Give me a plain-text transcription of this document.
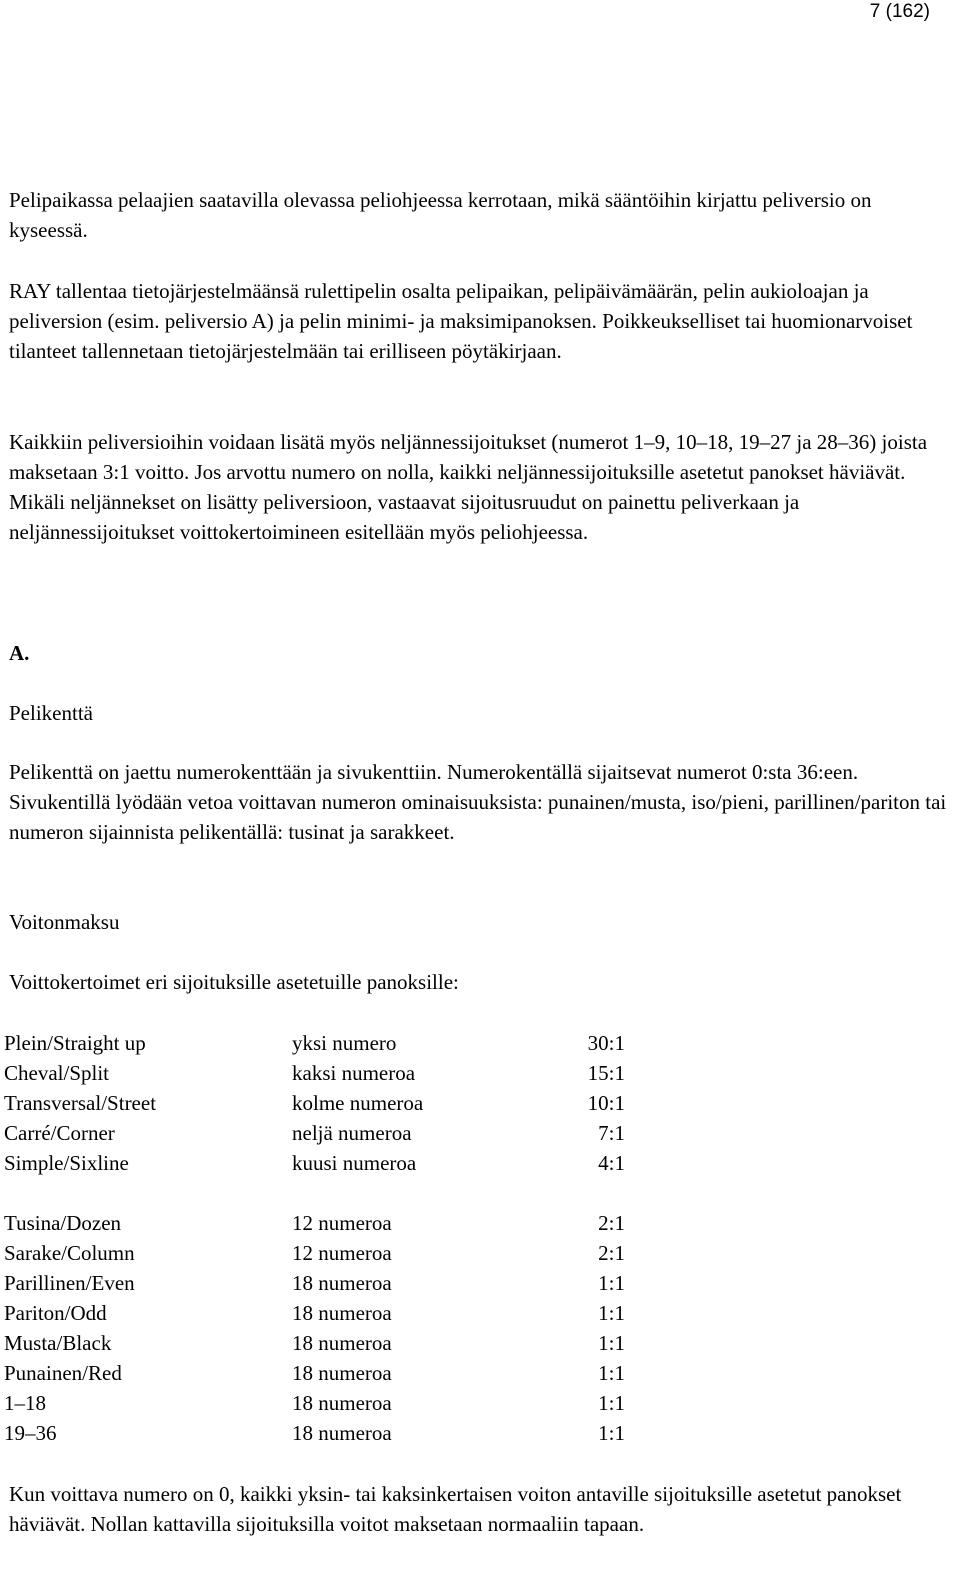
7 (162)

Pelipaikassa pelaajien saatavilla olevassa peliohjeessa kerrotaan, mikä sääntöihin kirjattu peliversio on kyseessä.

RAY tallentaa tietojärjestelmäänsä rulettipelin osalta pelipaikan, pelipäivämäärän, pelin aukioloajan ja peliversion (esim. peliversio A) ja pelin minimi- ja maksimipanoksen. Poikkeukselliset tai huomionarvoiset tilanteet tallennetaan tietojärjestelmään tai erilliseen pöytäkirjaan.

Kaikkiin peliversioihin voidaan lisätä myös neljännessijoitukset (numerot 1–9, 10–18, 19–27 ja 28–36) joista maksetaan 3:1 voitto. Jos arvottu numero on nolla, kaikki neljännessijoituksille asetetut panokset häviävät. Mikäli neljännekset on lisätty peliversioon, vastaavat sijoitusruudut on painettu peliverkaan ja neljännessijoitukset voittokertoimineen esitellään myös peliohjeessa.

A.
Pelikenttä

Pelikenttä on jaettu numerokenttään ja sivukenttiin. Numerokentällä sijaitsevat numerot 0:sta 36:een. Sivukentillä lyödään vetoa voittavan numeron ominaisuuksista: punainen/musta, iso/pieni, parillinen/pariton tai numeron sijainnista pelikentällä: tusinat ja sarakkeet.

Voitonmaksu
Voittokertoimet eri sijoituksille asetetuille panoksille:
Plein/Straight up	yksi numero	30:1
Cheval/Split	kaksi numeroa	15:1
Transversal/Street	kolme numeroa	10:1
Carré/Corner	neljä numeroa	7:1
Simple/Sixline	kuusi numeroa	4:1
Tusina/Dozen	12 numeroa	2:1
Sarake/Column	12 numeroa	2:1
Parillinen/Even	18 numeroa	1:1
Pariton/Odd	18 numeroa	1:1
Musta/Black	18 numeroa	1:1
Punainen/Red	18 numeroa	1:1
1–18	18 numeroa	1:1
19–36	18 numeroa	1:1

Kun voittava numero on 0, kaikki yksin- tai kaksinkertaisen voiton antaville sijoituksille asetetut panokset häviävät. Nollan kattavilla sijoituksilla voitot maksetaan normaaliin tapaan.
